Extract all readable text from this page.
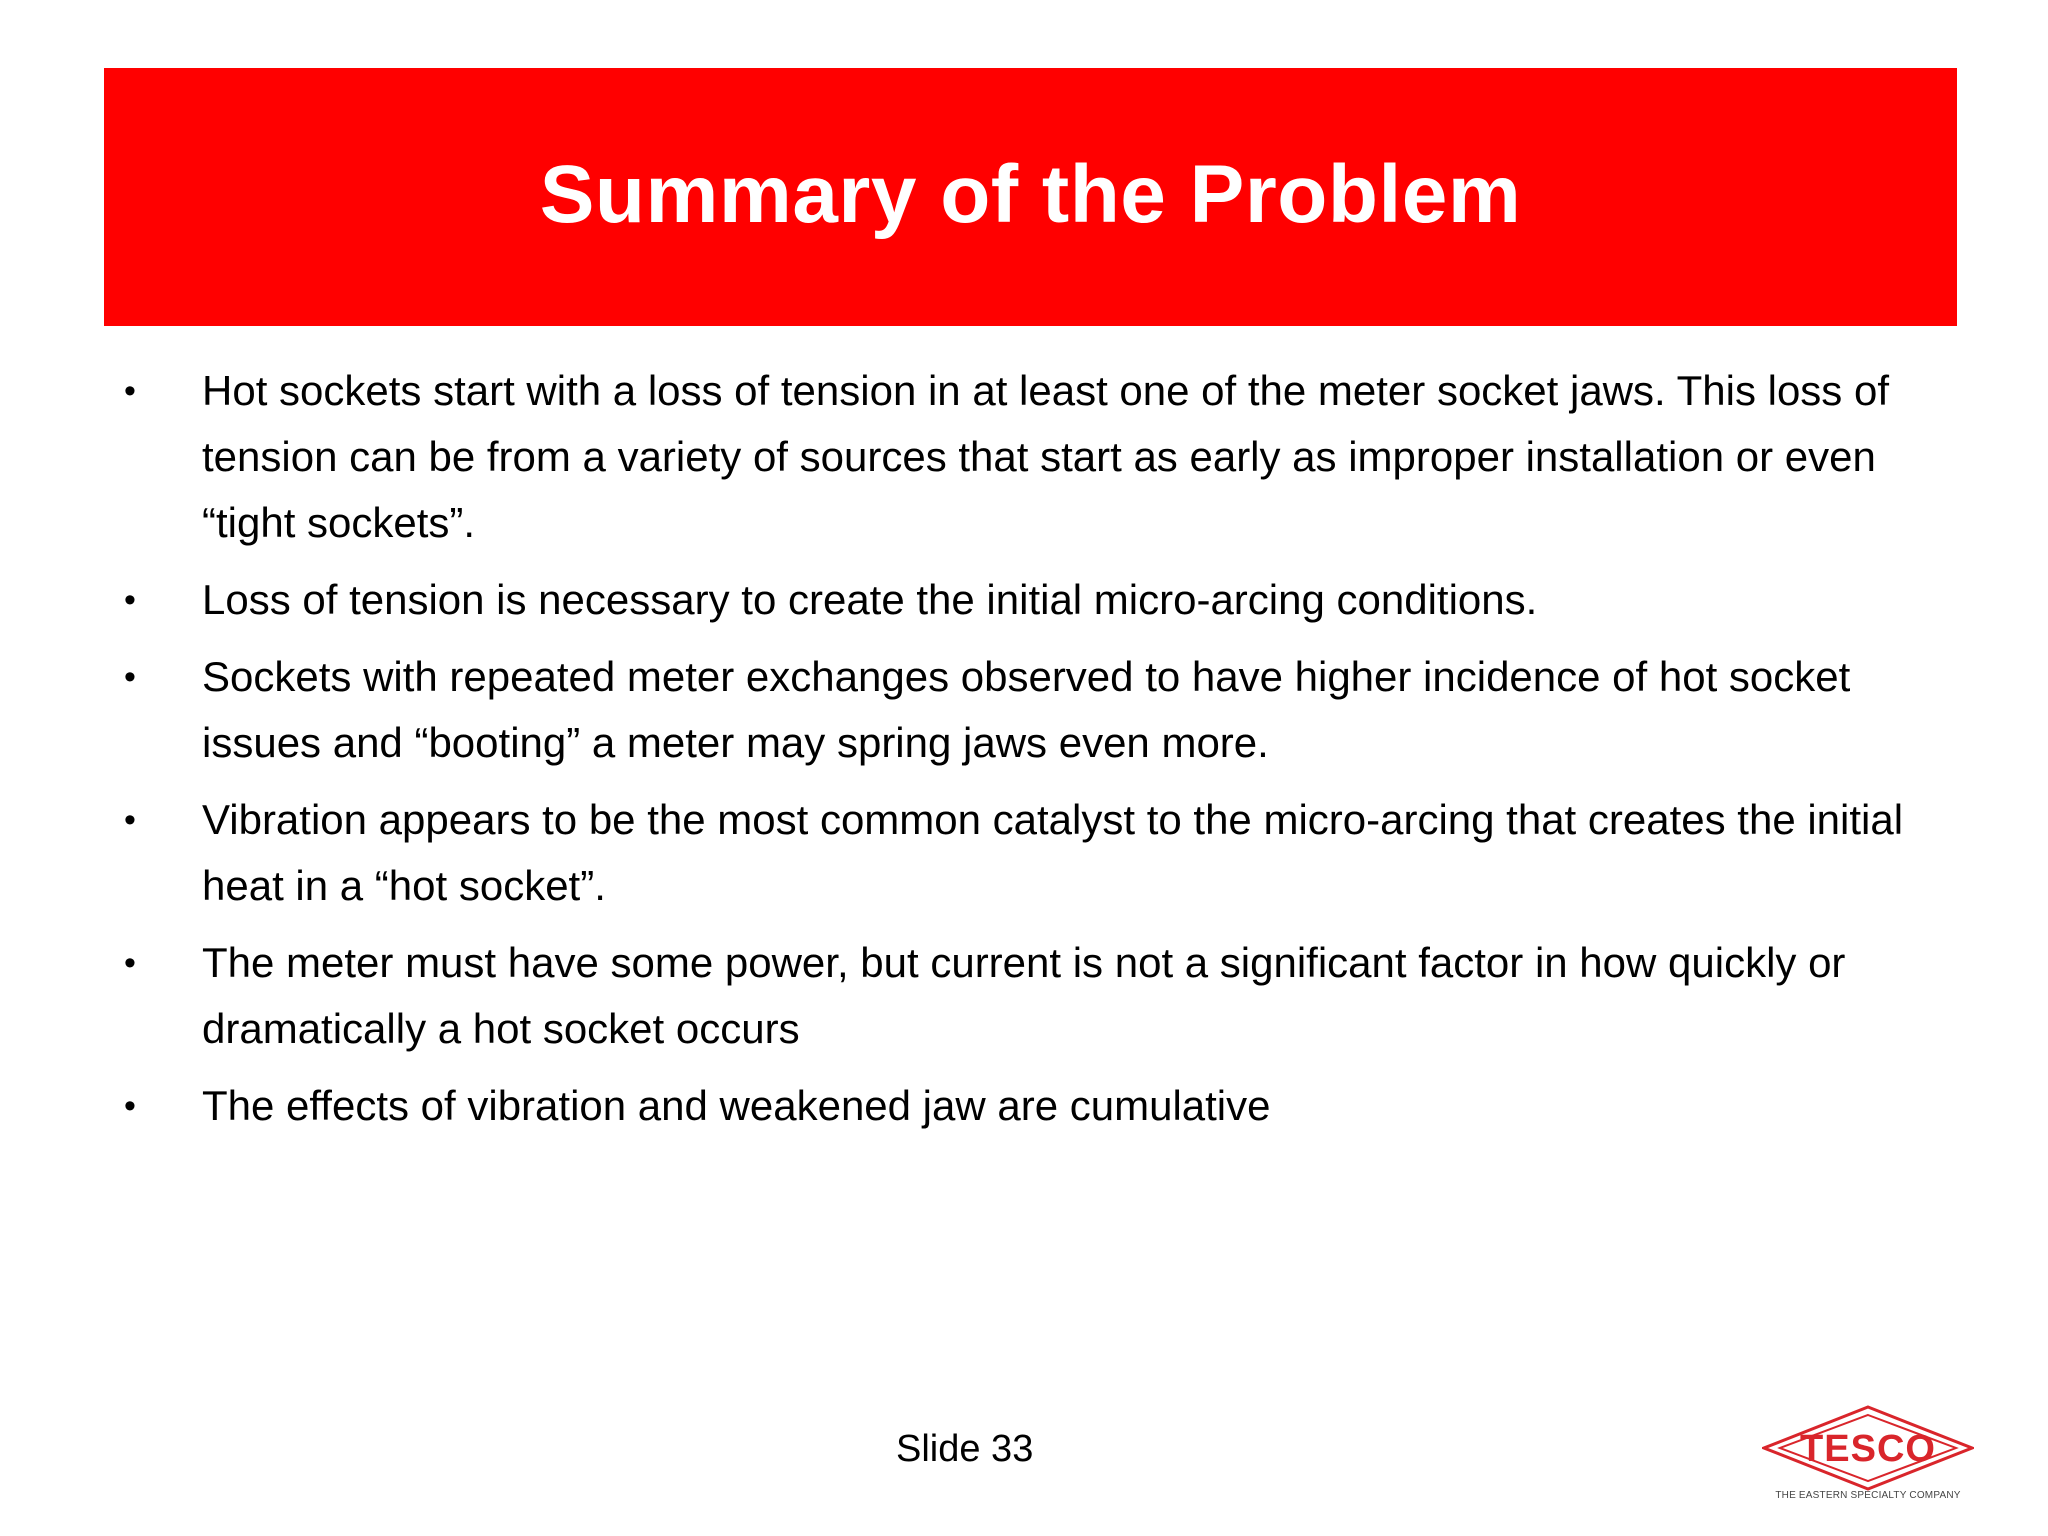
Summary of the Problem
• Hot sockets start with a loss of tension in at least one of the meter socket jaws. This loss of tension can be from a variety of sources that start as early as improper installation or even “tight sockets”.
• Loss of tension is necessary to create the initial micro-arcing conditions.
• Sockets with repeated meter exchanges observed to have higher incidence of hot socket issues and “booting” a meter may spring jaws even more.
• Vibration appears to be the most common catalyst to the micro-arcing that creates the initial heat in a “hot socket”.
• The meter must have some power, but current is not a significant factor in how quickly or dramatically a hot socket occurs
• The effects of vibration and weakened jaw are cumulative
Slide 33	TESCO
THE EASTERN SPECIALTY COMPANY
